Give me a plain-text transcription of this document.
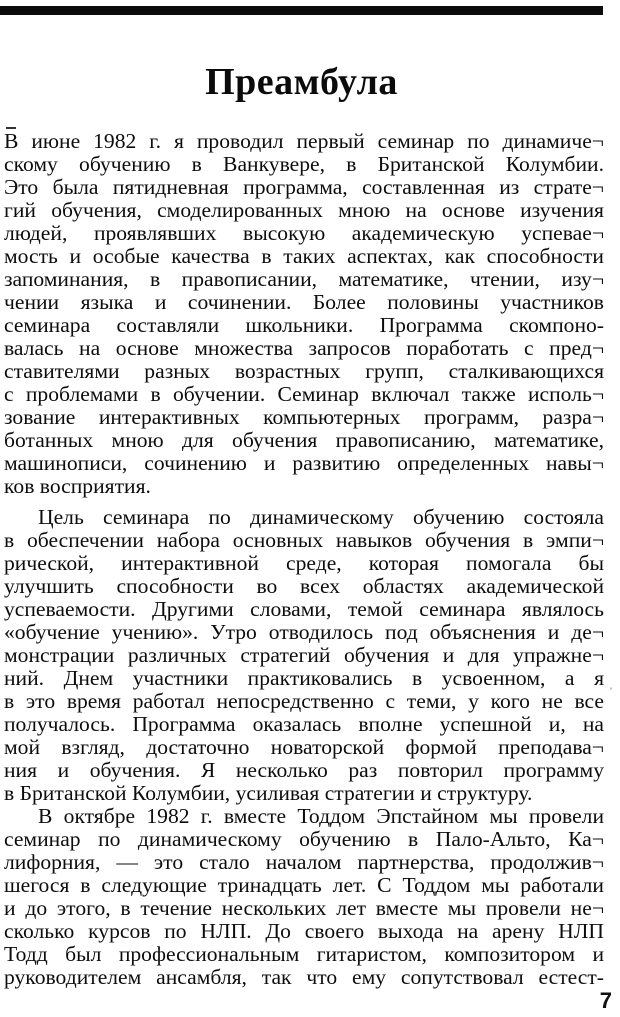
Преамбула
В июне 1982 г. я проводил первый семинар по динамиче¬
скому обучению в Ванкувере, в Британской Колумбии.
Это была пятидневная программа, составленная из страте¬
гий обучения, смоделированных мною на основе изучения
людей, проявлявших высокую академическую успевае¬
мость и особые качества в таких аспектах, как способности
запоминания, в правописании, математике, чтении, изу¬
чении языка и сочинении. Более половины участников
семинара составляли школьники. Программа скомпоно-
валась на основе множества запросов поработать с пред¬
ставителями разных возрастных групп, сталкивающихся
с проблемами в обучении. Семинар включал также исполь¬
зование интерактивных компьютерных программ, разра¬
ботанных мною для обучения правописанию, математике,
машинописи, сочинению и развитию определенных навы¬
ков восприятия.
Цель семинара по динамическому обучению состояла
в обеспечении набора основных навыков обучения в эмпи¬
рической, интерактивной среде, которая помогала бы
улучшить способности во всех областях академической
успеваемости. Другими словами, темой семинара являлось
«обучение учению». Утро отводилось под объяснения и де¬
монстрации различных стратегий обучения и для упражне¬
ний. Днем участники практиковались в усвоенном, а я
в это время работал непосредственно с теми, у кого не все
получалось. Программа оказалась вполне успешной и, на
мой взгляд, достаточно новаторской формой преподава¬
ния и обучения. Я несколько раз повторил программу
в Британской Колумбии, усиливая стратегии и структуру.
В октябре 1982 г. вместе Тоддом Эпстайном мы провели
семинар по динамическому обучению в Пало-Альто, Ка¬
лифорния, — это стало началом партнерства, продолжив¬
шегося в следующие тринадцать лет. С Тоддом мы работали
и до этого, в течение нескольких лет вместе мы провели не¬
сколько курсов по НЛП. До своего выхода на арену НЛП
Тодд был профессиональным гитаристом, композитором и
руководителем ансамбля, так что ему сопутствовал естест-
ˌ
7
